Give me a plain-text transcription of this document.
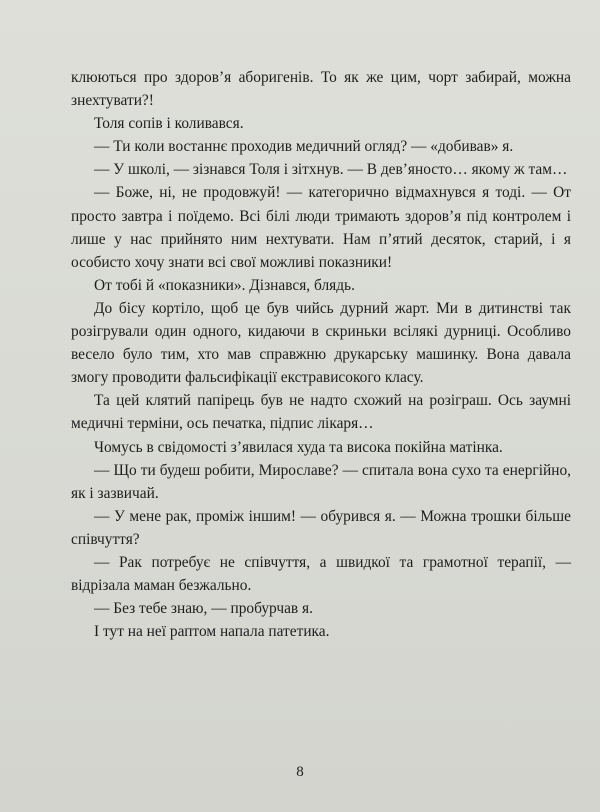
клюються про здоров’я аборигенів. То як же цим, чорт забирай, можна знехтувати?!

Толя сопів і коливався.

— Ти коли востаннє проходив медичний огляд? — «добивав» я.

— У школі, — зізнався Толя і зітхнув. — В дев’яносто… якому ж там…

— Боже, ні, не продовжуй! — категорично відмахнувся я тоді. — От просто завтра і поїдемо. Всі білі люди тримають здоров’я під контролем і лише у нас прийнято ним нехтувати. Нам п’ятий десяток, старий, і я особисто хочу знати всі свої можливі показники!

От тобі й «показники». Дізнався, блядь.

До бісу кортіло, щоб це був чийсь дурний жарт. Ми в дитинстві так розігрували один одного, кидаючи в скриньки всілякі дурниці. Особливо весело було тим, хто мав справжню друкарську машинку. Вона давала змогу проводити фальсифікації екстрависокого класу.

Та цей клятий папірець був не надто схожий на розіграш. Ось заумні медичні терміни, ось печатка, підпис лікаря…

Чомусь в свідомості з’явилася худа та висока покійна матінка.

— Що ти будеш робити, Мирославе? — спитала вона сухо та енергійно, як і зазвичай.

— У мене рак, проміж іншим! — обурився я. — Можна трошки більше співчуття?

— Рак потребує не співчуття, а швидкої та грамотної терапії, — відрізала маман безжально.

— Без тебе знаю, — пробурчав я.

І тут на неї раптом напала патетика.

8
